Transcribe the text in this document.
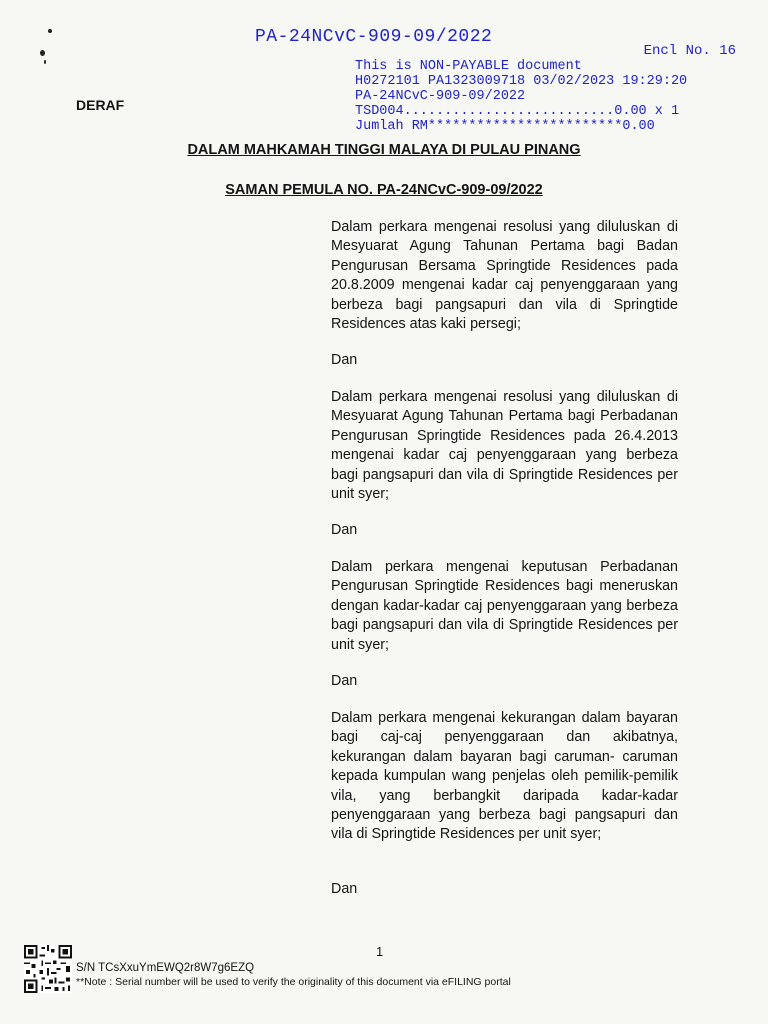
PA-24NCvC-909-09/2022
Encl No. 16
This is NON-PAYABLE document
H0272101 PA1323009718 03/02/2023 19:29:20
PA-24NCvC-909-09/2022
TSD004..........................0.00 x 1
Jumlah RM************************0.00
DERAF
DALAM MAHKAMAH TINGGI MALAYA DI PULAU PINANG
SAMAN PEMULA NO. PA-24NCvC-909-09/2022
Dalam perkara mengenai resolusi yang diluluskan di Mesyuarat Agung Tahunan Pertama bagi Badan Pengurusan Bersama Springtide Residences pada 20.8.2009 mengenai kadar caj penyenggaraan yang berbeza bagi pangsapuri dan vila di Springtide Residences atas kaki persegi;
Dan
Dalam perkara mengenai resolusi yang diluluskan di Mesyuarat Agung Tahunan Pertama bagi Perbadanan Pengurusan Springtide Residences pada 26.4.2013 mengenai kadar caj penyenggaraan yang berbeza bagi pangsapuri dan vila di Springtide Residences per unit syer;
Dan
Dalam perkara mengenai keputusan Perbadanan Pengurusan Springtide Residences bagi meneruskan dengan kadar-kadar caj penyenggaraan yang berbeza bagi pangsapuri dan vila di Springtide Residences per unit syer;
Dan
Dalam perkara mengenai kekurangan dalam bayaran bagi caj-caj penyenggaraan dan akibatnya, kekurangan dalam bayaran bagi caruman- caruman kepada kumpulan wang penjelas oleh pemilik-pemilik vila, yang berbangkit daripada kadar-kadar penyenggaraan yang berbeza bagi pangsapuri dan vila di Springtide Residences per unit syer;
Dan
1
S/N TCsXxuYmEWQ2r8W7g6EZQ
**Note : Serial number will be used to verify the originality of this document via eFILING portal
